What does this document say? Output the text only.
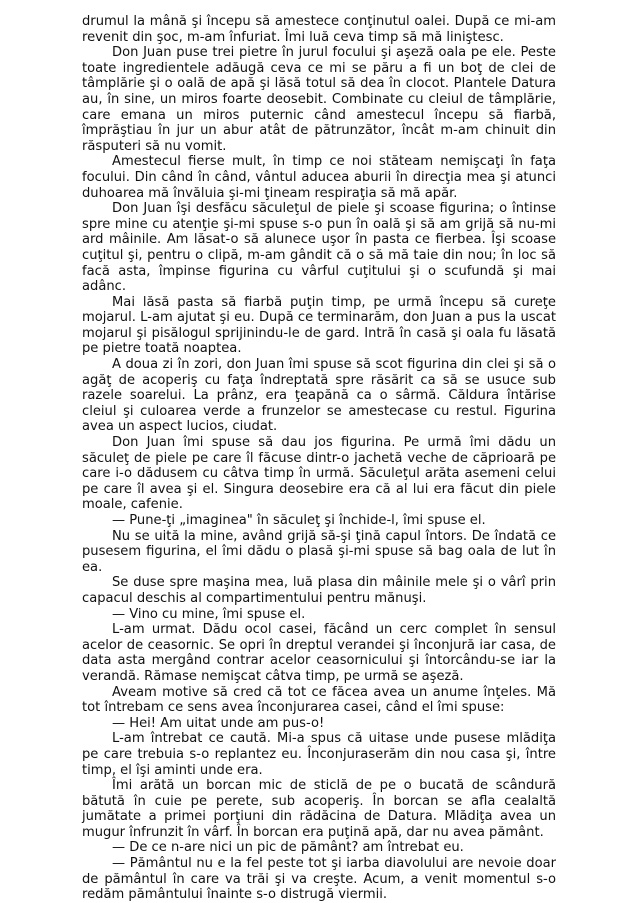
drumul la mână şi începu să amestece conţinutul oalei. După ce mi-am revenit din şoc, m-am înfuriat. Îmi luă ceva timp să mă liniştesc.

Don Juan puse trei pietre în jurul focului şi aşeză oala pe ele. Peste toate ingredientele adăugă ceva ce mi se păru a fi un boţ de clei de tâmplărie şi o oală de apă şi lăsă totul să dea în clocot. Plantele Datura au, în sine, un miros foarte deosebit. Combinate cu cleiul de tâmplărie, care emana un miros puternic când amestecul începu să fiarbă, împrăştiau în jur un abur atât de pătrunzător, încât m-am chinuit din răsputeri să nu vomit.

Amestecul fierse mult, în timp ce noi stăteam nemişcaţi în faţa focului. Din când în când, vântul aducea aburii în direcţia mea şi atunci duhoarea mă învăluia şi-mi ţineam respiraţia să mă apăr.

Don Juan îşi desfăcu săculeţul de piele şi scoase figurina; o întinse spre mine cu atenţie şi-mi spuse s-o pun în oală şi să am grijă să nu-mi ard mâinile. Am lăsat-o să alunece uşor în pasta ce fierbea. Îşi scoase cuţitul şi, pentru o clipă, m-am gândit că o să mă taie din nou; în loc să facă asta, împinse figurina cu vârful cuţitului şi o scufundă şi mai adânc.

Mai lăsă pasta să fiarbă puţin timp, pe urmă începu să cureţe mojarul. L-am ajutat şi eu. După ce terminarăm, don Juan a pus la uscat mojarul şi pisălogul sprijinindu-le de gard. Intră în casă şi oala fu lăsată pe pietre toată noaptea.

A doua zi în zori, don Juan îmi spuse să scot figurina din clei şi să o agăţ de acoperiş cu faţa îndreptată spre răsărit ca să se usuce sub razele soarelui. La prânz, era ţeapănă ca o sârmă. Căldura întărise cleiul şi culoarea verde a frunzelor se amestecase cu restul. Figurina avea un aspect lucios, ciudat.

Don Juan îmi spuse să dau jos figurina. Pe urmă îmi dădu un săculeţ de piele pe care îl făcuse dintr-o jachetă veche de căprioară pe care i-o dădusem cu câtva timp în urmă. Săculeţul arăta asemeni celui pe care îl avea şi el. Singura deosebire era că al lui era făcut din piele moale, cafenie.

— Pune-ţi „imaginea" în săculeţ şi închide-l, îmi spuse el.

Nu se uită la mine, având grijă să-şi ţină capul întors. De îndată ce pusesem figurina, el îmi dădu o plasă şi-mi spuse să bag oala de lut în ea.

Se duse spre maşina mea, luă plasa din mâinile mele şi o vârî prin capacul deschis al compartimentului pentru mănuşi.

— Vino cu mine, îmi spuse el.

L-am urmat. Dădu ocol casei, făcând un cerc complet în sensul acelor de ceasornic. Se opri în dreptul verandei şi înconjură iar casa, de data asta mergând contrar acelor ceasornicului şi întorcându-se iar la verandă. Rămase nemişcat câtva timp, pe urmă se aşeză.

Aveam motive să cred că tot ce făcea avea un anume înţeles. Mă tot întrebam ce sens avea înconjurarea casei, când el îmi spuse:

— Hei! Am uitat unde am pus-o!

L-am întrebat ce caută. Mi-a spus că uitase unde pusese mlădiţa pe care trebuia s-o replantez eu. Înconjuraserăm din nou casa şi, între timp, el îşi aminti unde era.

Îmi arătă un borcan mic de sticlă de pe o bucată de scândură bătută în cuie pe perete, sub acoperiş. În borcan se afla cealaltă jumătate a primei porţiuni din rădăcina de Datura. Mlădiţa avea un mugur înfrunzit în vârf. În borcan era puţină apă, dar nu avea pământ.

— De ce n-are nici un pic de pământ? am întrebat eu.

— Pământul nu e la fel peste tot şi iarba diavolului are nevoie doar de pământul în care va trăi şi va creşte. Acum, a venit momentul s-o redăm pământului înainte s-o distrugă viermii.
